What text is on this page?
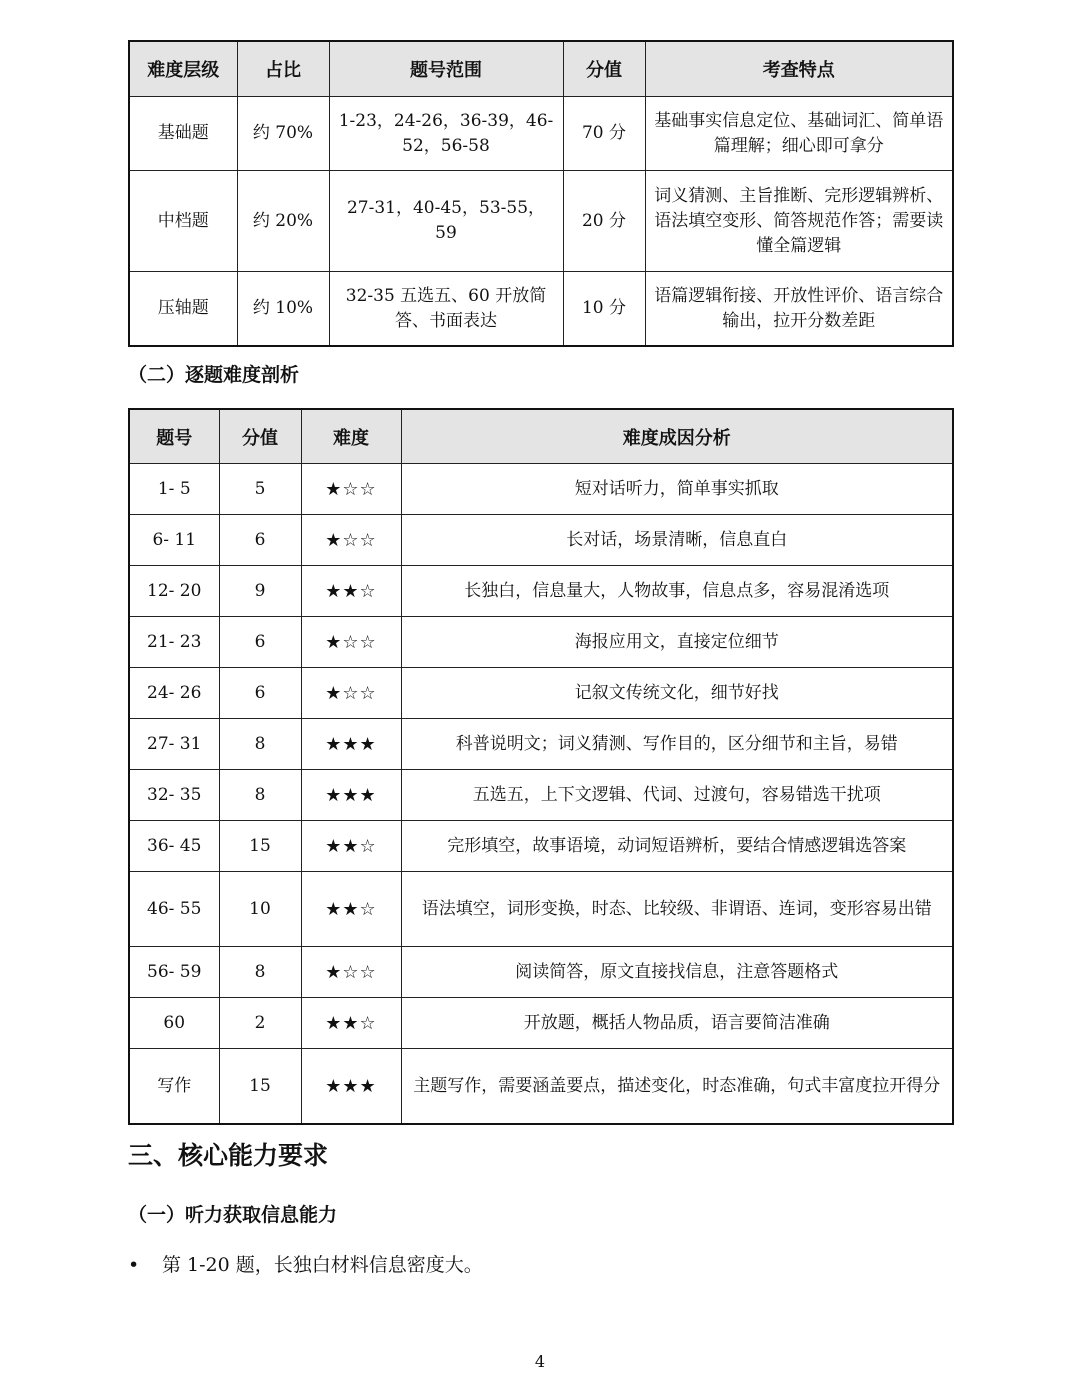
难度层级	占比	题号范围	分值	考查特点
基础题	约 70%	1-23，24-26，36-39，46-52，56-58	70 分	基础事实信息定位、基础词汇、简单语篇理解；细心即可拿分
中档题	约 20%	27-31，40-45，53-55，59	20 分	词义猜测、主旨推断、完形逻辑辨析、语法填空变形、简答规范作答；需要读懂全篇逻辑
压轴题	约 10%	32-35 五选五、60 开放简答、书面表达	10 分	语篇逻辑衔接、开放性评价、语言综合输出，拉开分数差距
（二）逐题难度剖析
题号	分值	难度	难度成因分析
1- 5	5	★☆☆	短对话听力，简单事实抓取
6- 11	6	★☆☆	长对话，场景清晰，信息直白
12- 20	9	★★☆	长独白，信息量大，人物故事，信息点多，容易混淆选项
21- 23	6	★☆☆	海报应用文，直接定位细节
24- 26	6	★☆☆	记叙文传统文化，细节好找
27- 31	8	★★★	科普说明文；词义猜测、写作目的，区分细节和主旨，易错
32- 35	8	★★★	五选五，上下文逻辑、代词、过渡句，容易错选干扰项
36- 45	15	★★☆	完形填空，故事语境，动词短语辨析，要结合情感逻辑选答案
46- 55	10	★★☆	语法填空，词形变换，时态、比较级、非谓语、连词，变形容易出错
56- 59	8	★☆☆	阅读简答，原文直接找信息，注意答题格式
60	2	★★☆	开放题，概括人物品质，语言要简洁准确
写作	15	★★★	主题写作，需要涵盖要点，描述变化，时态准确，句式丰富度拉开得分
三、核心能力要求
（一）听力获取信息能力
• 第 1-20 题，长独白材料信息密度大。
4
